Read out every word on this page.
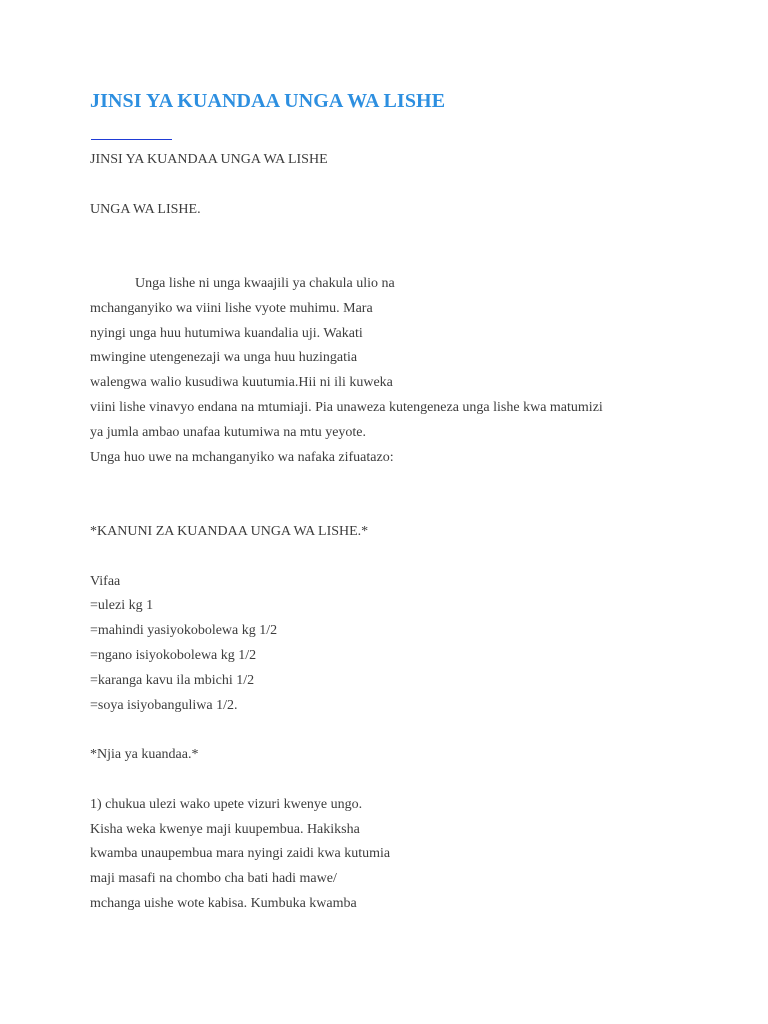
JINSI YA KUANDAA UNGA WA LISHE
JINSI YA KUANDAA UNGA WA LISHE
UNGA WA LISHE.
Unga lishe ni unga kwaajili ya chakula ulio na
mchanganyiko wa viini lishe vyote muhimu. Mara
nyingi unga huu hutumiwa kuandalia uji. Wakati
mwingine utengenezaji wa unga huu huzingatia
walengwa walio kusudiwa kuutumia.Hii ni ili kuweka
viini lishe vinavyo endana na mtumiaji. Pia unaweza kutengeneza unga lishe kwa matumizi
ya jumla ambao unafaa kutumiwa na mtu yeyote.
Unga huo uwe na mchanganyiko wa nafaka zifuatazo:
*KANUNI ZA KUANDAA UNGA WA LISHE.*
Vifaa
=ulezi kg 1
=mahindi yasiyokobolewa kg 1/2
=ngano isiyokobolewa kg 1/2
=karanga kavu ila mbichi 1/2
=soya isiyobanguliwa 1/2.
*Njia ya kuandaa.*
1) chukua ulezi wako upete vizuri kwenye ungo.
Kisha weka kwenye maji kuupembua. Hakiksha
kwamba unaupembua mara nyingi zaidi kwa kutumia
maji masafi na chombo cha bati hadi mawe/
mchanga uishe wote kabisa. Kumbuka kwamba
